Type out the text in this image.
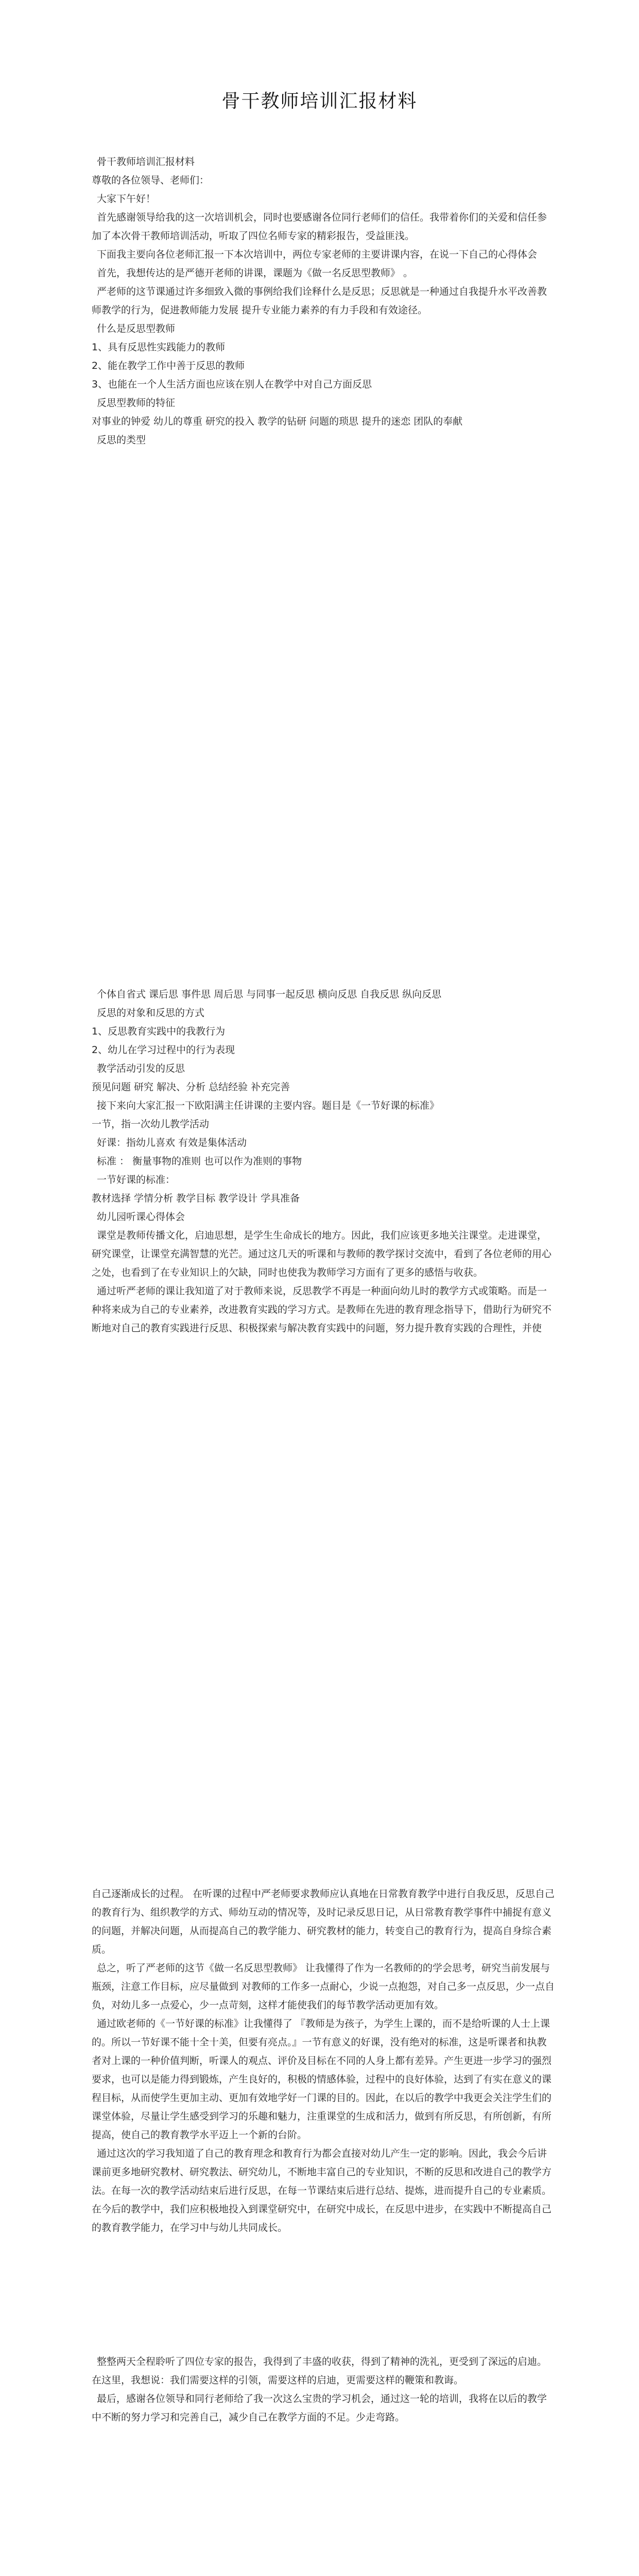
骨干教师培训汇报材料

骨干教师培训汇报材料

尊敬的各位领导、老师们：

大家下午好！

首先感谢领导给我的这一次培训机会，同时也要感谢各位同行老师们的信任。我带着你们的关爱和信任参加了本次骨干教师培训活动，听取了四位名师专家的精彩报告，受益匪浅。

下面我主要向各位老师汇报一下本次培训中，两位专家老师的主要讲课内容，在说一下自己的心得体会

首先，我想传达的是严德开老师的讲课，课题为《做一名反思型教师》 。

严老师的这节课通过许多细致入微的事例给我们诠释什么是反思；反思就是一种通过自我提升水平改善教师教学的行为，促进教师能力发展 提升专业能力素养的有力手段和有效途径。

什么是反思型教师

1、具有反思性实践能力的教师

2、能在教学工作中善于反思的教师

3、也能在一个人生活方面也应该在别人在教学中对自己方面反思

反思型教师的特征

对事业的钟爱 幼儿的尊重 研究的投入 教学的钻研 问题的琐思 提升的迷恋 团队的奉献

反思的类型

个体自省式 课后思 事件思 周后思 与同事一起反思 横向反思 自我反思 纵向反思

反思的对象和反思的方式

1、反思教育实践中的我教行为

2、幼儿在学习过程中的行为表现

教学活动引发的反思

预见问题 研究 解决、分析 总结经验 补充完善

接下来向大家汇报一下欧阳满主任讲课的主要内容。题目是《一节好课的标准》

一节，指一次幼儿教学活动

好课：指幼儿喜欢 有效是集体活动

标准 ： 衡量事物的准则 也可以作为准则的事物

一节好课的标准：

教材选择 学情分析 教学目标 教学设计 学具准备

幼儿园听课心得体会

课堂是教师传播文化，启迪思想，是学生生命成长的地方。因此，我们应该更多地关注课堂。走进课堂，研究课堂，让课堂充满智慧的光芒。通过这几天的听课和与教师的教学探讨交流中，看到了各位老师的用心之处，也看到了在专业知识上的欠缺，同时也使我为教师学习方面有了更多的感悟与收获。

通过听严老师的课让我知道了对于教师来说，反思教学不再是一种面向幼儿时的教学方式或策略。而是一种将来成为自己的专业素养，改进教育实践的学习方式。是教师在先进的教育理念指导下，借助行为研究不断地对自己的教育实践进行反思、积极探索与解决教育实践中的问题，努力提升教育实践的合理性，并使

自己逐渐成长的过程。 在听课的过程中严老师要求教师应认真地在日常教育教学中进行自我反思，反思自己的教育行为、组织教学的方式、师幼互动的情况等，及时记录反思日记，从日常教育教学事件中捕捉有意义的问题，并解决问题，从而提高自己的教学能力、研究教材的能力，转变自己的教育行为，提高自身综合素质。

总之，听了严老师的这节《做一名反思型教师》 让我懂得了作为一名教师的的学会思考，研究当前发展与瓶颈，注意工作目标，应尽量做到 对教师的工作多一点耐心，少说一点抱怨，对自己多一点反思，少一点自负，对幼儿多一点爱心，少一点苛刻，这样才能使我们的每节教学活动更加有效。

通过欧老师的《一节好课的标准》让我懂得了 『教师是为孩子，为学生上课的，而不是给听课的人士上课的。所以一节好课不能十全十美，但要有亮点。』一节有意义的好课，没有绝对的标准，这是听课者和执教者对上课的一种价值判断，听课人的观点、评价及目标在不同的人身上都有差异。产生更进一步学习的强烈要求，也可以是能力得到锻炼，产生良好的，积极的情感体验，过程中的良好体验，达到了有实在意义的课程目标，从而使学生更加主动、更加有效地学好一门课的目的。因此，在以后的教学中我更会关注学生们的课堂体验，尽量让学生感受到学习的乐趣和魅力，注重课堂的生成和活力，做到有所反思，有所创新，有所提高，使自己的教育教学水平迈上一个新的台阶。

通过这次的学习我知道了自己的教育理念和教育行为都会直接对幼儿产生一定的影响。因此，我会今后讲课前更多地研究教材、研究教法、研究幼儿，不断地丰富自己的专业知识，不断的反思和改进自己的教学方法。在每一次的教学活动结束后进行反思，在每一节课结束后进行总结、提炼，进而提升自己的专业素质。在今后的教学中，我们应积极地投入到课堂研究中，在研究中成长，在反思中进步，在实践中不断提高自己的教育教学能力，在学习中与幼儿共同成长。

整整两天全程聆听了四位专家的报告，我得到了丰盛的收获，得到了精神的洗礼，更受到了深远的启迪。在这里，我想说：我们需要这样的引领，需要这样的启迪，更需要这样的鞭策和教诲。

最后，感谢各位领导和同行老师给了我一次这么宝贵的学习机会，通过这一轮的培训，我将在以后的教学中不断的努力学习和完善自己，减少自己在教学方面的不足。少走弯路。
